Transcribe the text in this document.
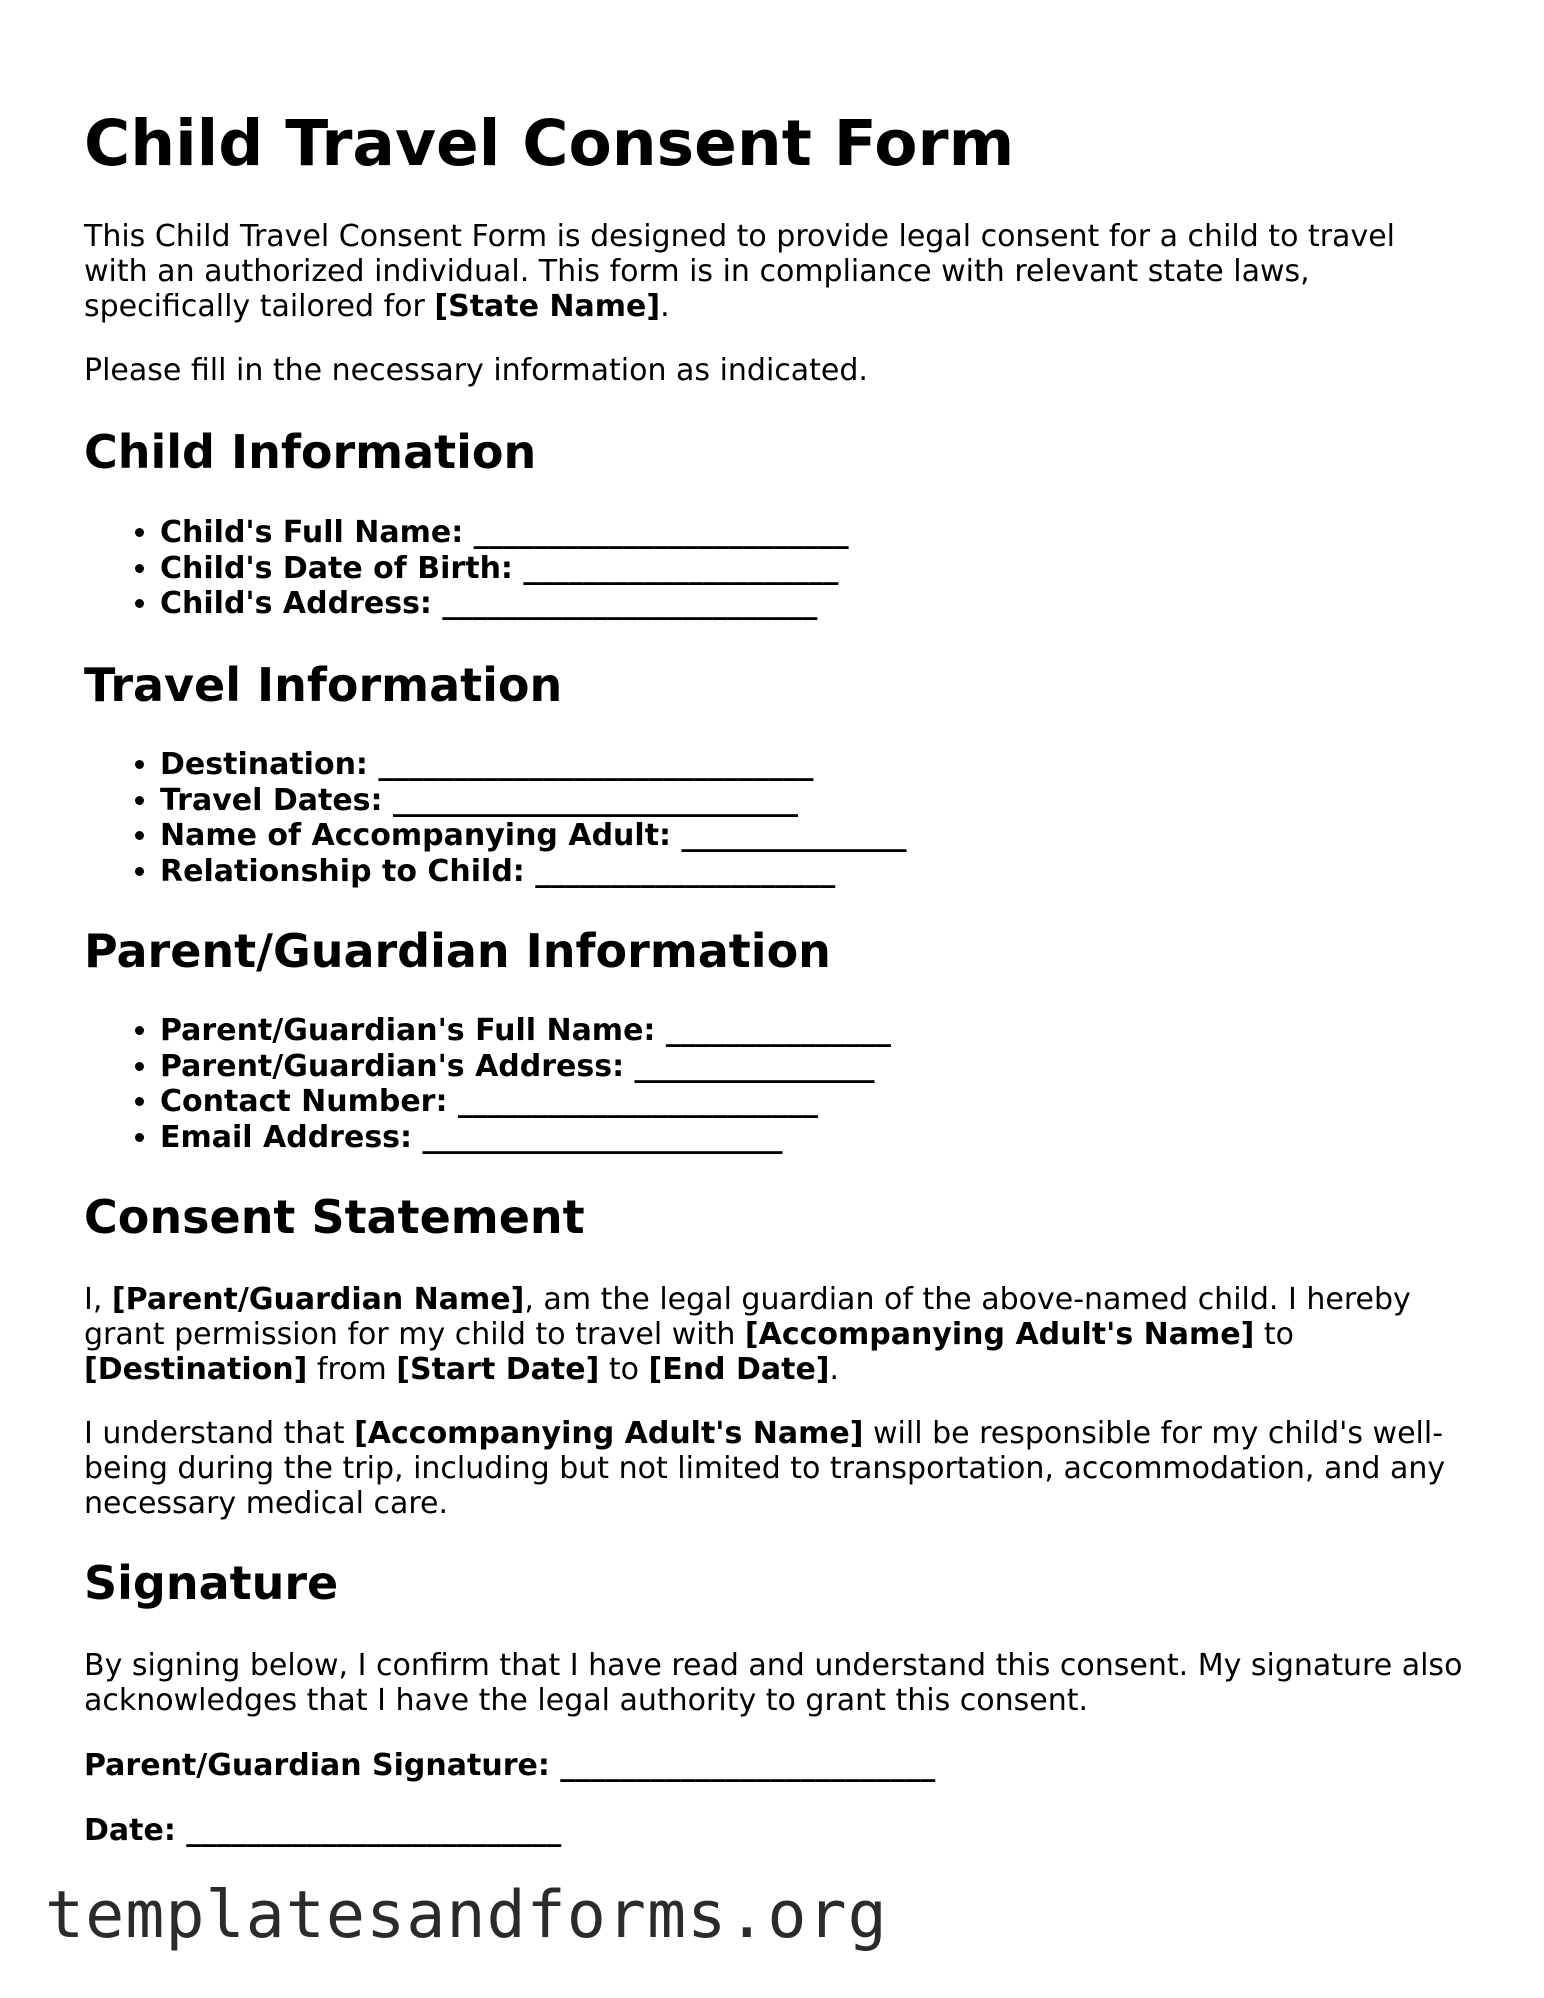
Child Travel Consent Form

This Child Travel Consent Form is designed to provide legal consent for a child to travel with an authorized individual. This form is in compliance with relevant state laws, specifically tailored for [State Name].

Please fill in the necessary information as indicated.

Child Information
• Child's Full Name: _________________________
• Child's Date of Birth: _____________________
• Child's Address: _________________________
Travel Information
• Destination: _____________________________
• Travel Dates: ___________________________
• Name of Accompanying Adult: _______________
• Relationship to Child: ____________________
Parent/Guardian Information
• Parent/Guardian's Full Name: _______________
• Parent/Guardian's Address: ________________
• Contact Number: ________________________
• Email Address: ________________________
Consent Statement

I, [Parent/Guardian Name], am the legal guardian of the above-named child. I hereby grant permission for my child to travel with [Accompanying Adult's Name] to [Destination] from [Start Date] to [End Date].

I understand that [Accompanying Adult's Name] will be responsible for my child's well-being during the trip, including but not limited to transportation, accommodation, and any necessary medical care.

Signature

By signing below, I confirm that I have read and understand this consent. My signature also acknowledges that I have the legal authority to grant this consent.

Parent/Guardian Signature: _________________________
Date: _________________________
templatesandforms.org
